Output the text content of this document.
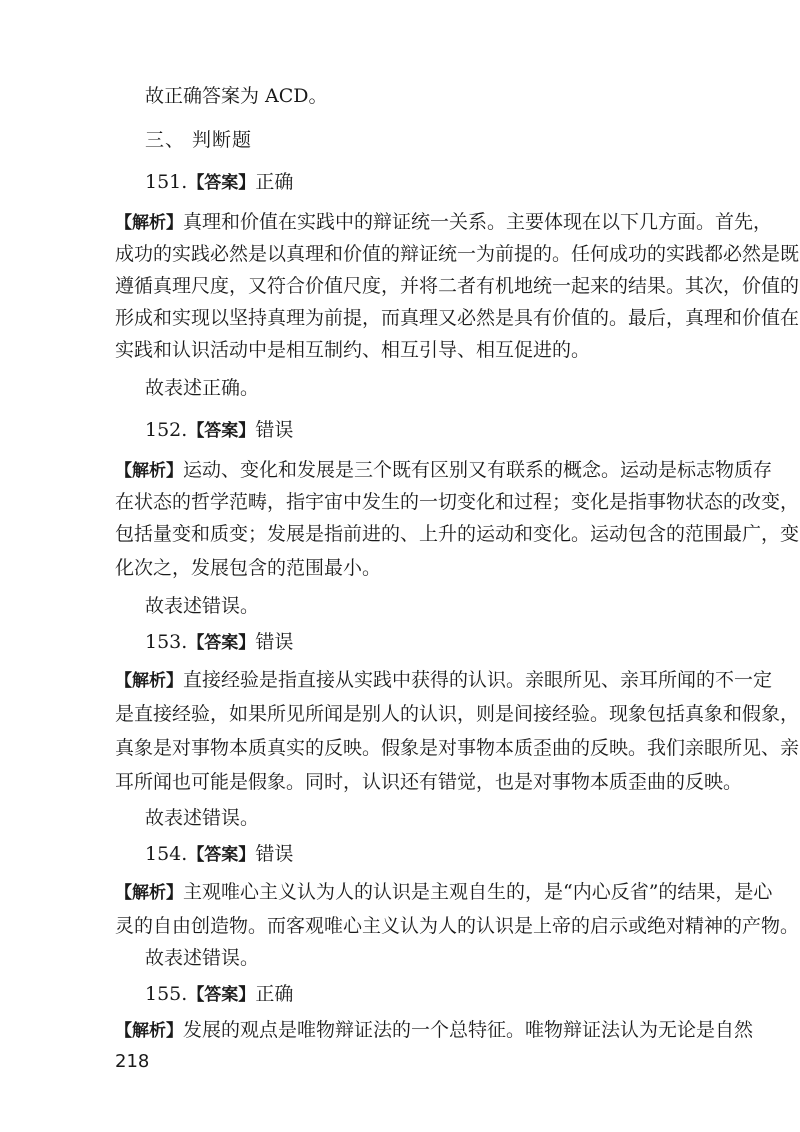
故正确答案为 ACD。
三、 判断题
151.【答案】正确
【解析】真理和价值在实践中的辩证统一关系。主要体现在以下几方面。首先，
成功的实践必然是以真理和价值的辩证统一为前提的。任何成功的实践都必然是既
遵循真理尺度，又符合价值尺度，并将二者有机地统一起来的结果。其次，价值的
形成和实现以坚持真理为前提，而真理又必然是具有价值的。最后，真理和价值在
实践和认识活动中是相互制约、相互引导、相互促进的。
故表述正确。
152.【答案】错误
【解析】运动、变化和发展是三个既有区别又有联系的概念。运动是标志物质存
在状态的哲学范畴，指宇宙中发生的一切变化和过程；变化是指事物状态的改变，
包括量变和质变；发展是指前进的、上升的运动和变化。运动包含的范围最广，变
化次之，发展包含的范围最小。
故表述错误。
153.【答案】错误
【解析】直接经验是指直接从实践中获得的认识。亲眼所见、亲耳所闻的不一定
是直接经验，如果所见所闻是别人的认识，则是间接经验。现象包括真象和假象，
真象是对事物本质真实的反映。假象是对事物本质歪曲的反映。我们亲眼所见、亲
耳所闻也可能是假象。同时，认识还有错觉，也是对事物本质歪曲的反映。
故表述错误。
154.【答案】错误
【解析】主观唯心主义认为人的认识是主观自生的，是“内心反省”的结果，是心
灵的自由创造物。而客观唯心主义认为人的认识是上帝的启示或绝对精神的产物。
故表述错误。
155.【答案】正确
【解析】发展的观点是唯物辩证法的一个总特征。唯物辩证法认为无论是自然
218
